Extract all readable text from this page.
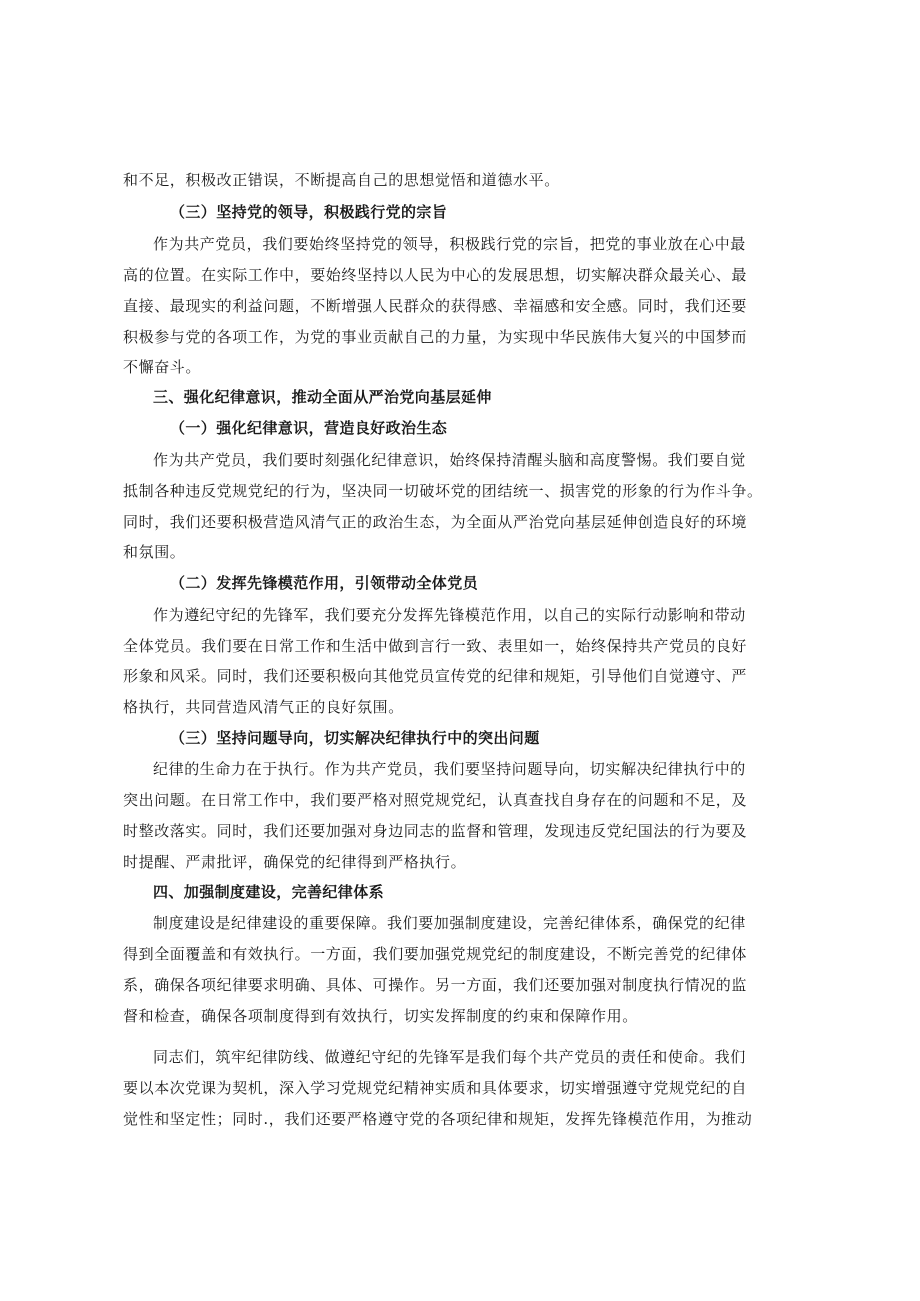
和不足，积极改正错误，不断提高自己的思想觉悟和道德水平。
（三）坚持党的领导，积极践行党的宗旨
作为共产党员，我们要始终坚持党的领导，积极践行党的宗旨，把党的事业放在心中最
高的位置。在实际工作中，要始终坚持以人民为中心的发展思想，切实解决群众最关心、最
直接、最现实的利益问题，不断增强人民群众的获得感、幸福感和安全感。同时，我们还要
积极参与党的各项工作，为党的事业贡献自己的力量，为实现中华民族伟大复兴的中国梦而
不懈奋斗。
三、强化纪律意识，推动全面从严治党向基层延伸
（一）强化纪律意识，营造良好政治生态
作为共产党员，我们要时刻强化纪律意识，始终保持清醒头脑和高度警惕。我们要自觉
抵制各种违反党规党纪的行为，坚决同一切破坏党的团结统一、损害党的形象的行为作斗争。
同时，我们还要积极营造风清气正的政治生态，为全面从严治党向基层延伸创造良好的环境
和氛围。
（二）发挥先锋模范作用，引领带动全体党员
作为遵纪守纪的先锋军，我们要充分发挥先锋模范作用，以自己的实际行动影响和带动
全体党员。我们要在日常工作和生活中做到言行一致、表里如一，始终保持共产党员的良好
形象和风采。同时，我们还要积极向其他党员宣传党的纪律和规矩，引导他们自觉遵守、严
格执行，共同营造风清气正的良好氛围。
（三）坚持问题导向，切实解决纪律执行中的突出问题
纪律的生命力在于执行。作为共产党员，我们要坚持问题导向，切实解决纪律执行中的
突出问题。在日常工作中，我们要严格对照党规党纪，认真查找自身存在的问题和不足，及
时整改落实。同时，我们还要加强对身边同志的监督和管理，发现违反党纪国法的行为要及
时提醒、严肃批评，确保党的纪律得到严格执行。
四、加强制度建设，完善纪律体系
制度建设是纪律建设的重要保障。我们要加强制度建设，完善纪律体系，确保党的纪律
得到全面覆盖和有效执行。一方面，我们要加强党规党纪的制度建设，不断完善党的纪律体
系，确保各项纪律要求明确、具体、可操作。另一方面，我们还要加强对制度执行情况的监
督和检查，确保各项制度得到有效执行，切实发挥制度的约束和保障作用。
同志们，筑牢纪律防线、做遵纪守纪的先锋军是我们每个共产党员的责任和使命。我们
要以本次党课为契机，深入学习党规党纪精神实质和具体要求，切实增强遵守党规党纪的自
觉性和坚定性；同时.，我们还要严格遵守党的各项纪律和规矩，发挥先锋模范作用，为推动
